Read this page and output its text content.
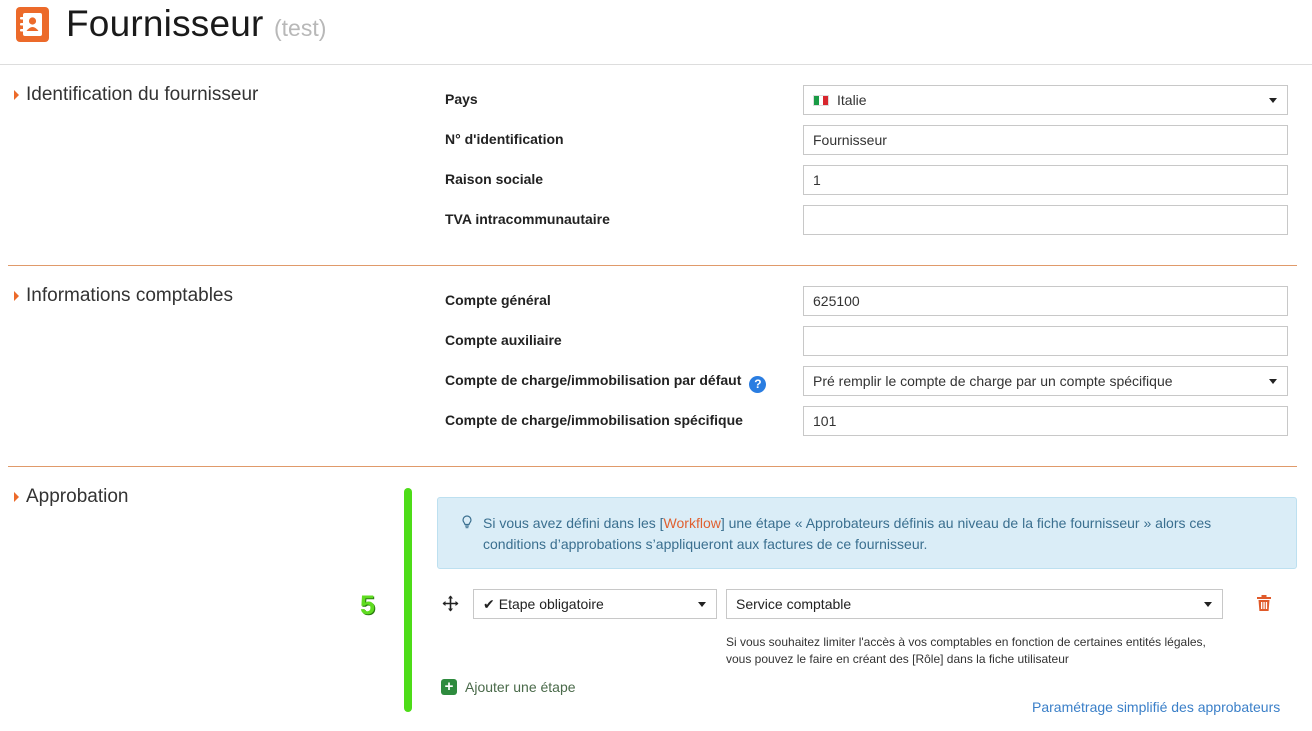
Fournisseur (test)
Identification du fournisseur	Pays	Italie
N° d'identification	Fournisseur
Raison sociale	1
TVA intracommunautaire
Informations comptables	Compte général	625100
Compte auxiliaire
Compte de charge/immobilisation par défaut ?	Pré remplir le compte de charge par un compte spécifique
Compte de charge/immobilisation spécifique	101
Approbation
5
Si vous avez défini dans les [Workflow] une étape « Approbateurs définis au niveau de la fiche fournisseur » alors ces conditions d’approbations s’appliqueront aux factures de ce fournisseur.
✔ Etape obligatoire	Service comptable
Si vous souhaitez limiter l'accès à vos comptables en fonction de certaines entités légales,
vous pouvez le faire en créant des [Rôle] dans la fiche utilisateur
+ Ajouter une étape
Paramétrage simplifié des approbateurs
